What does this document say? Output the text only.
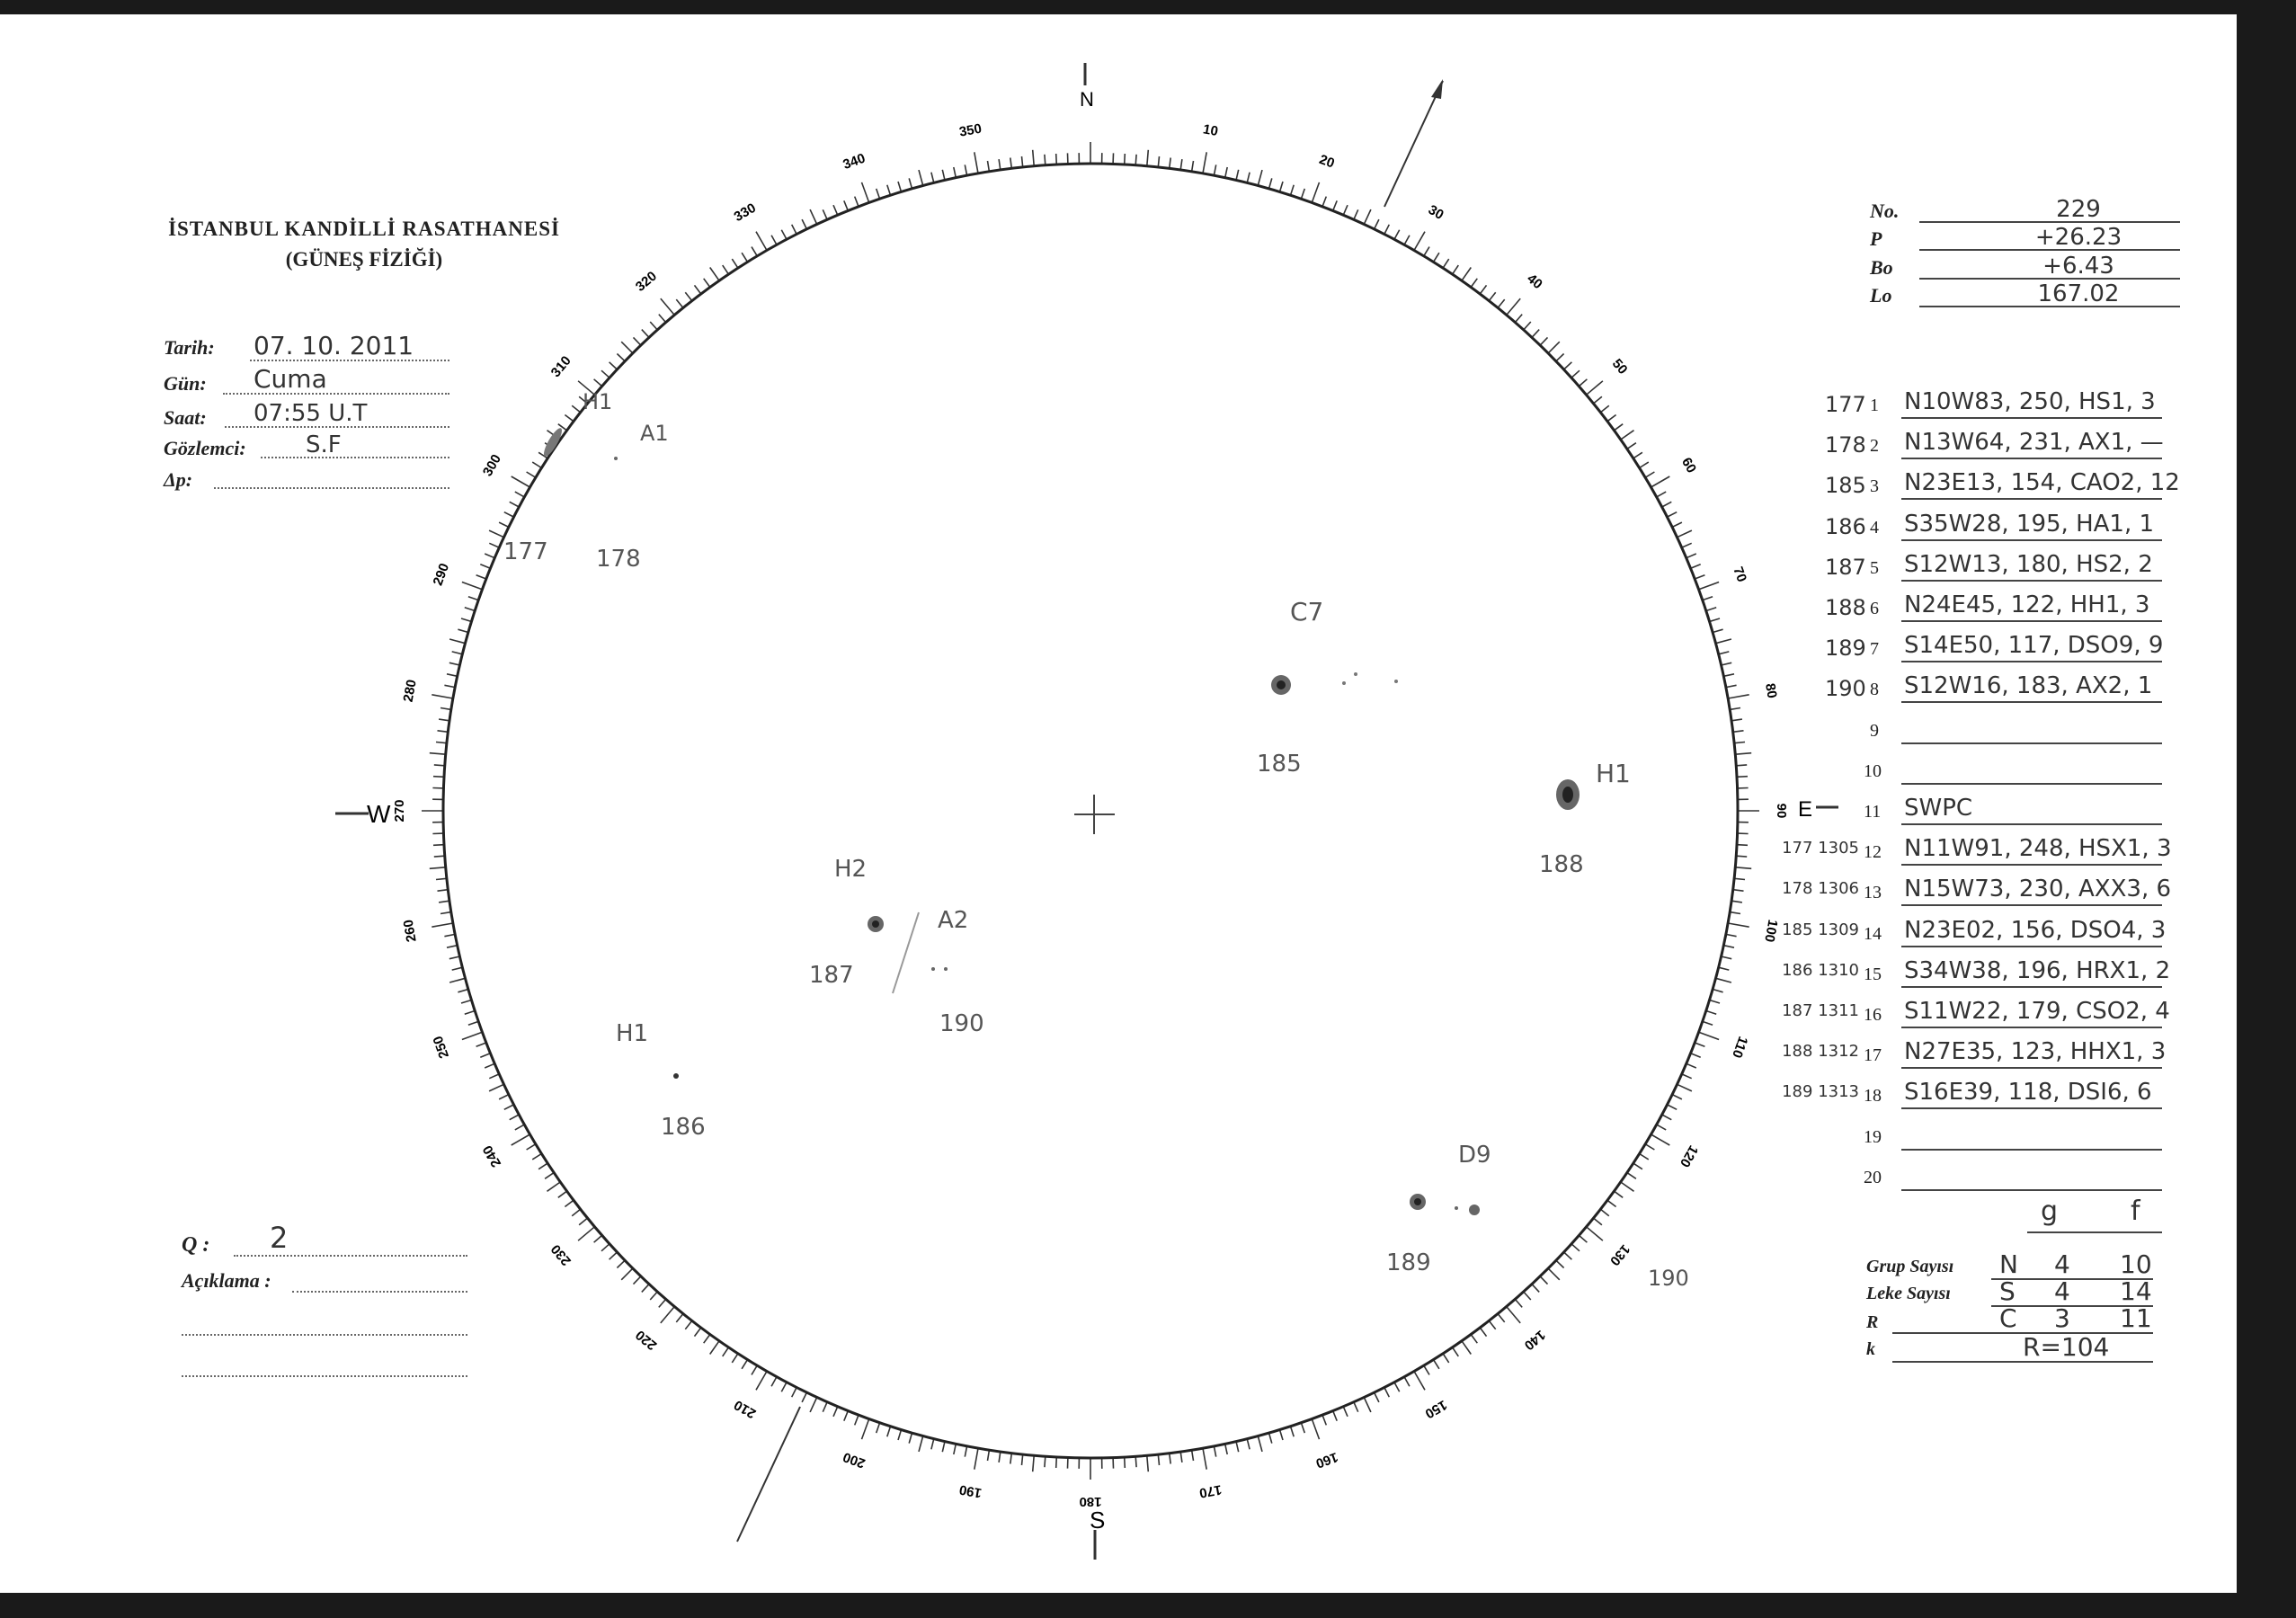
İSTANBUL KANDİLLİ RASATHANESİ
(GÜNEŞ FİZİĞİ)
Tarih: 07. 10. 2011
Gün: Cuma
Saat: 07:55 U.T
Gözlemci:	S.F
Δp:
No.	229
P	+26.23
Bo	+6.43
Lo	167.02
177 1 N10W83, 250, HS1, 3
178 2 N13W64, 231, AX1, —
185 3 N23E13, 154, CAO2, 12
186 4 S35W28, 195, HA1, 1
187 5 S12W13, 180, HS2, 2
188 6 N24E45, 122, HH1, 3
189 7 S14E50, 117, DSO9, 9
190 8 S12W16, 183, AX2, 1
9
10
11 SWPC
177 1305 12 N11W91, 248, HSX1, 3
178 1306 13 N15W73, 230, AXX3, 6
185 1309 14 N23E02, 156, DSO4, 3
186 1310 15 S34W38, 196, HRX1, 2
187 1311 16 S11W22, 179, CSO2, 4
188 1312 17 N27E35, 123, HHX1, 3
189 1313 18 S16E39, 118, DSI6, 6
19
20
g	f
Grup Sayısı N 4 10
Leke Sayısı S 4 14
R	C 3 11
k	R=104
Q : 2
Açıklama :
350	10
20
30
40
50
60
70
80
90
100
110
120
130
140
150
160
170
180
190
200
210
220
230
240
250
260
270
280
290
300
310
320
330
340
N
S
W	E
H1
A1
177 178
C7
185	H1
188
H2
A2
187
190
H1
186
D9
189
190
